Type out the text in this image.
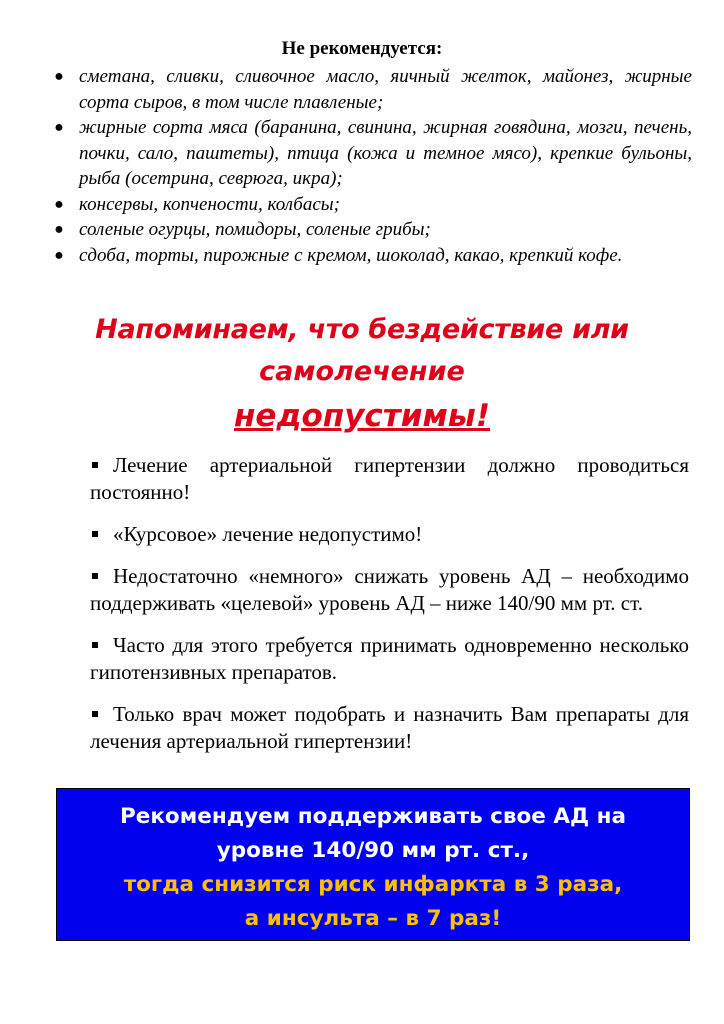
Не рекомендуется:
● сметана, сливки, сливочное масло, яичный желток, майонез, жирные сорта сыров, в том числе плавленые;
● жирные сорта мяса (баранина, свинина, жирная говядина, мозги, печень, почки, сало, паштеты), птица (кожа и темное мясо), крепкие бульоны, рыба (осетрина, севрюга, икра);
● консервы, копчености, колбасы;
● соленые огурцы, помидоры, соленые грибы;
● сдоба, торты, пирожные с кремом, шоколад, какао, крепкий кофе.
Напоминаем, что бездействие или
самолечение
недопустимы!

Лечение артериальной гипертензии должно проводиться постоянно!

«Курсовое» лечение недопустимо!

Недостаточно «немного» снижать уровень АД – необходимо поддерживать «целевой» уровень АД – ниже 140/90 мм рт. ст.

Часто для этого требуется принимать одновременно несколько гипотензивных препаратов.

Только врач может подобрать и назначить Вам препараты для лечения артериальной гипертензии!

Рекомендуем поддерживать свое АД на
уровне 140/90 мм рт. ст.,
тогда снизится риск инфаркта в 3 раза,
а инсульта – в 7 раз!
